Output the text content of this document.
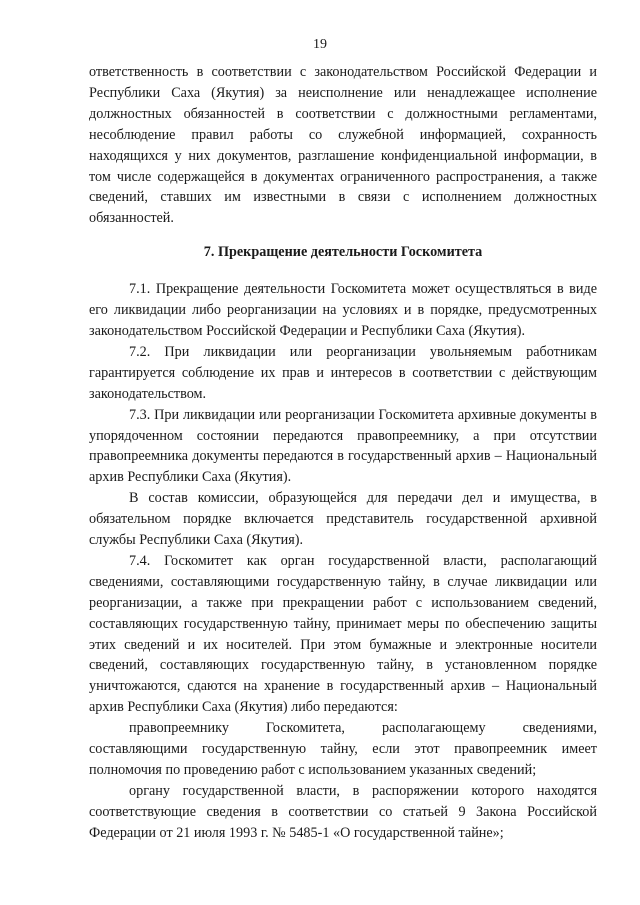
19

ответственность в соответствии с законодательством Российской Федерации и Республики Саха (Якутия) за неисполнение или ненадлежащее исполнение должностных обязанностей в соответствии с должностными регламентами, несоблюдение правил работы со служебной информацией, сохранность находящихся у них документов, разглашение конфиденциальной информации, в том числе содержащейся в документах ограниченного распространения, а также сведений, ставших им известными в связи с исполнением должностных обязанностей.

7. Прекращение деятельности Госкомитета

7.1. Прекращение деятельности Госкомитета может осуществляться в виде его ликвидации либо реорганизации на условиях и в порядке, предусмотренных законодательством Российской Федерации и Республики Саха (Якутия).

7.2. При ликвидации или реорганизации увольняемым работникам гарантируется соблюдение их прав и интересов в соответствии с действующим законодательством.

7.3. При ликвидации или реорганизации Госкомитета архивные документы в упорядоченном состоянии передаются правопреемнику, а при отсутствии правопреемника документы передаются в государственный архив – Национальный архив Республики Саха (Якутия).

В состав комиссии, образующейся для передачи дел и имущества, в обязательном порядке включается представитель государственной архивной службы Республики Саха (Якутия).

7.4. Госкомитет как орган государственной власти, располагающий сведениями, составляющими государственную тайну, в случае ликвидации или реорганизации, а также при прекращении работ с использованием сведений, составляющих государственную тайну, принимает меры по обеспечению защиты этих сведений и их носителей. При этом бумажные и электронные носители сведений, составляющих государственную тайну, в установленном порядке уничтожаются, сдаются на хранение в государственный архив – Национальный архив Республики Саха (Якутия) либо передаются:

правопреемнику Госкомитета, располагающему сведениями, составляющими государственную тайну, если этот правопреемник имеет полномочия по проведению работ с использованием указанных сведений;

органу государственной власти, в распоряжении которого находятся соответствующие сведения в соответствии со статьей 9 Закона Российской Федерации от 21 июля 1993 г. № 5485-1 «О государственной тайне»;
